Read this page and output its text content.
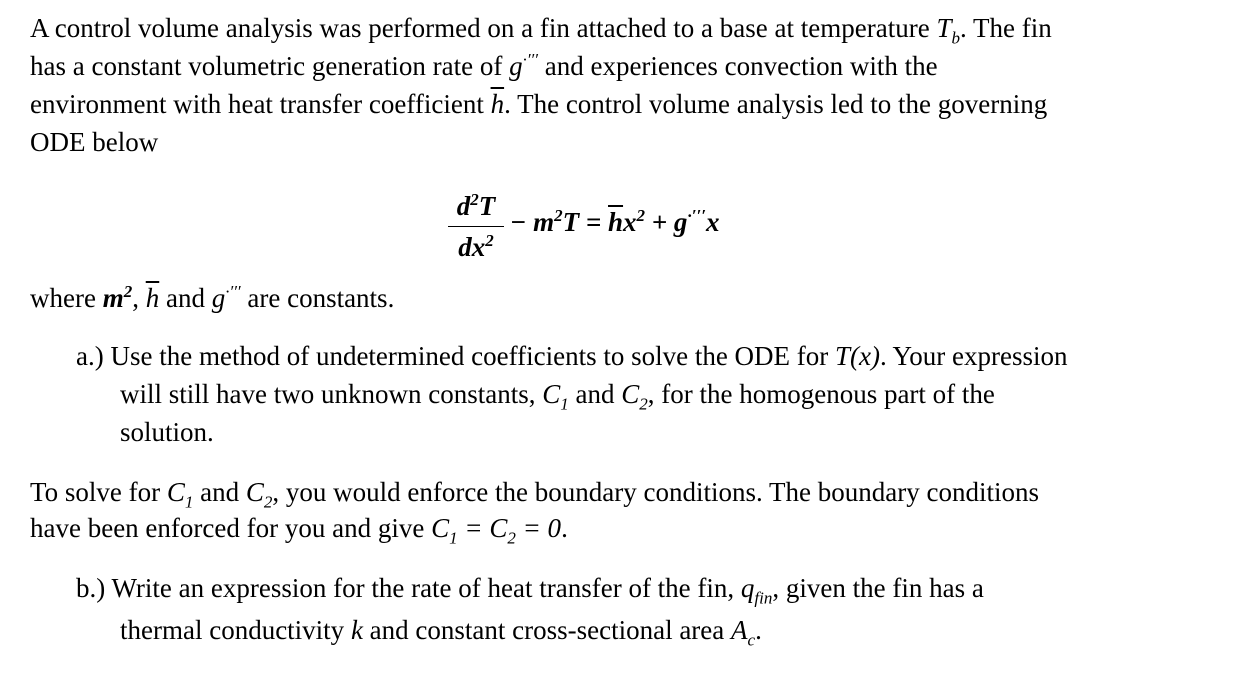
A control volume analysis was performed on a fin attached to a base at temperature $T_b$. The fin
has a constant volumetric generation rate of g·′′′ and experiences convection with the
environment with heat transfer coefficient $\overline{h}$. The control volume analysis led to the governing
ODE below
$d^2T$
$dx^2$
− $m^2T = \overline{h}x^2 + g^{\cdot'''}x$
where $m^2$, $\overline{h}$ and g·′′′ are constants.
a.) Use the method of undetermined coefficients to solve the ODE for T(x). Your expression
will still have two unknown constants, $C_1$ and $C_2$, for the homogenous part of the
solution.
To solve for $C_1$ and $C_2$, you would enforce the boundary conditions. The boundary conditions
have been enforced for you and give $C_1 = C_2 = 0$.
b.) Write an expression for the rate of heat transfer of the fin, $q_{fin}$, given the fin has a
thermal conductivity k and constant cross-sectional area $A_c$.
